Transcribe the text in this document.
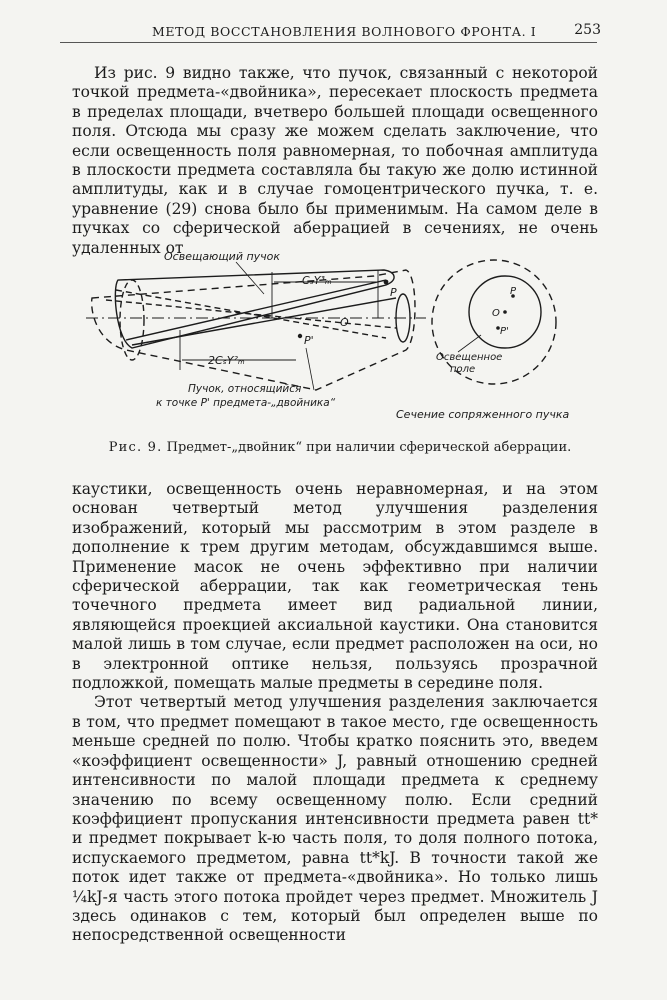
МЕТОД ВОССТАНОВЛЕНИЯ ВОЛНОВОГО ФРОНТА. I	253

Из рис. 9 видно также, что пучок, связанный с некоторой точкой предмета-«двойника», пересекает плоскость предмета в пределах площади, вчетверо большей площади освещенного поля. Отсюда мы сразу же можем сделать заключение, что если освещенность поля равномерная, то побочная амплитуда в плоскости предмета составляла бы такую же долю истинной амплитуды, как и в случае гомоцентрического пучка, т. е. уравнение (29) снова было бы применимым. На самом деле в пучках со сферической аберрацией в сечениях, не очень удаленных от

Освещающий пучок
CₛY³ₘ
2CₛY²ₘ
P
O
P'
P
O
P'
Пучок, относящийся
к точке P' предмета-„двойника“
Освещенное
поле
Сечение сопряженного пучка
Рис. 9. Предмет-„двойник“ при наличии сферической аберрации.

каустики, освещенность очень неравномерная, и на этом основан четвертый метод улучшения разделения изображений, который мы рассмотрим в этом разделе в дополнение к трем другим методам, обсуждавшимся выше. Применение масок не очень эффективно при наличии сферической аберрации, так как геометрическая тень точечного предмета имеет вид радиальной линии, являющейся проекцией аксиальной каустики. Она становится малой лишь в том случае, если предмет расположен на оси, но в электронной оптике нельзя, пользуясь прозрачной подложкой, помещать малые предметы в середине поля.

Этот четвертый метод улучшения разделения заключается в том, что предмет помещают в такое место, где освещенность меньше средней по полю. Чтобы кратко пояснить это, введем «коэффициент освещенности» J, равный отношению средней интенсивности по малой площади предмета к среднему значению по всему освещенному полю. Если средний коэффициент пропускания интенсивности предмета равен tt* и предмет покрывает k-ю часть поля, то доля полного потока, испускаемого предметом, равна tt*kJ. В точности такой же поток идет также от предмета-«двойника». Но только лишь ¼kJ-я часть этого потока пройдет через предмет. Множитель J здесь одинаков с тем, который был определен выше по непосредственной освещенности
